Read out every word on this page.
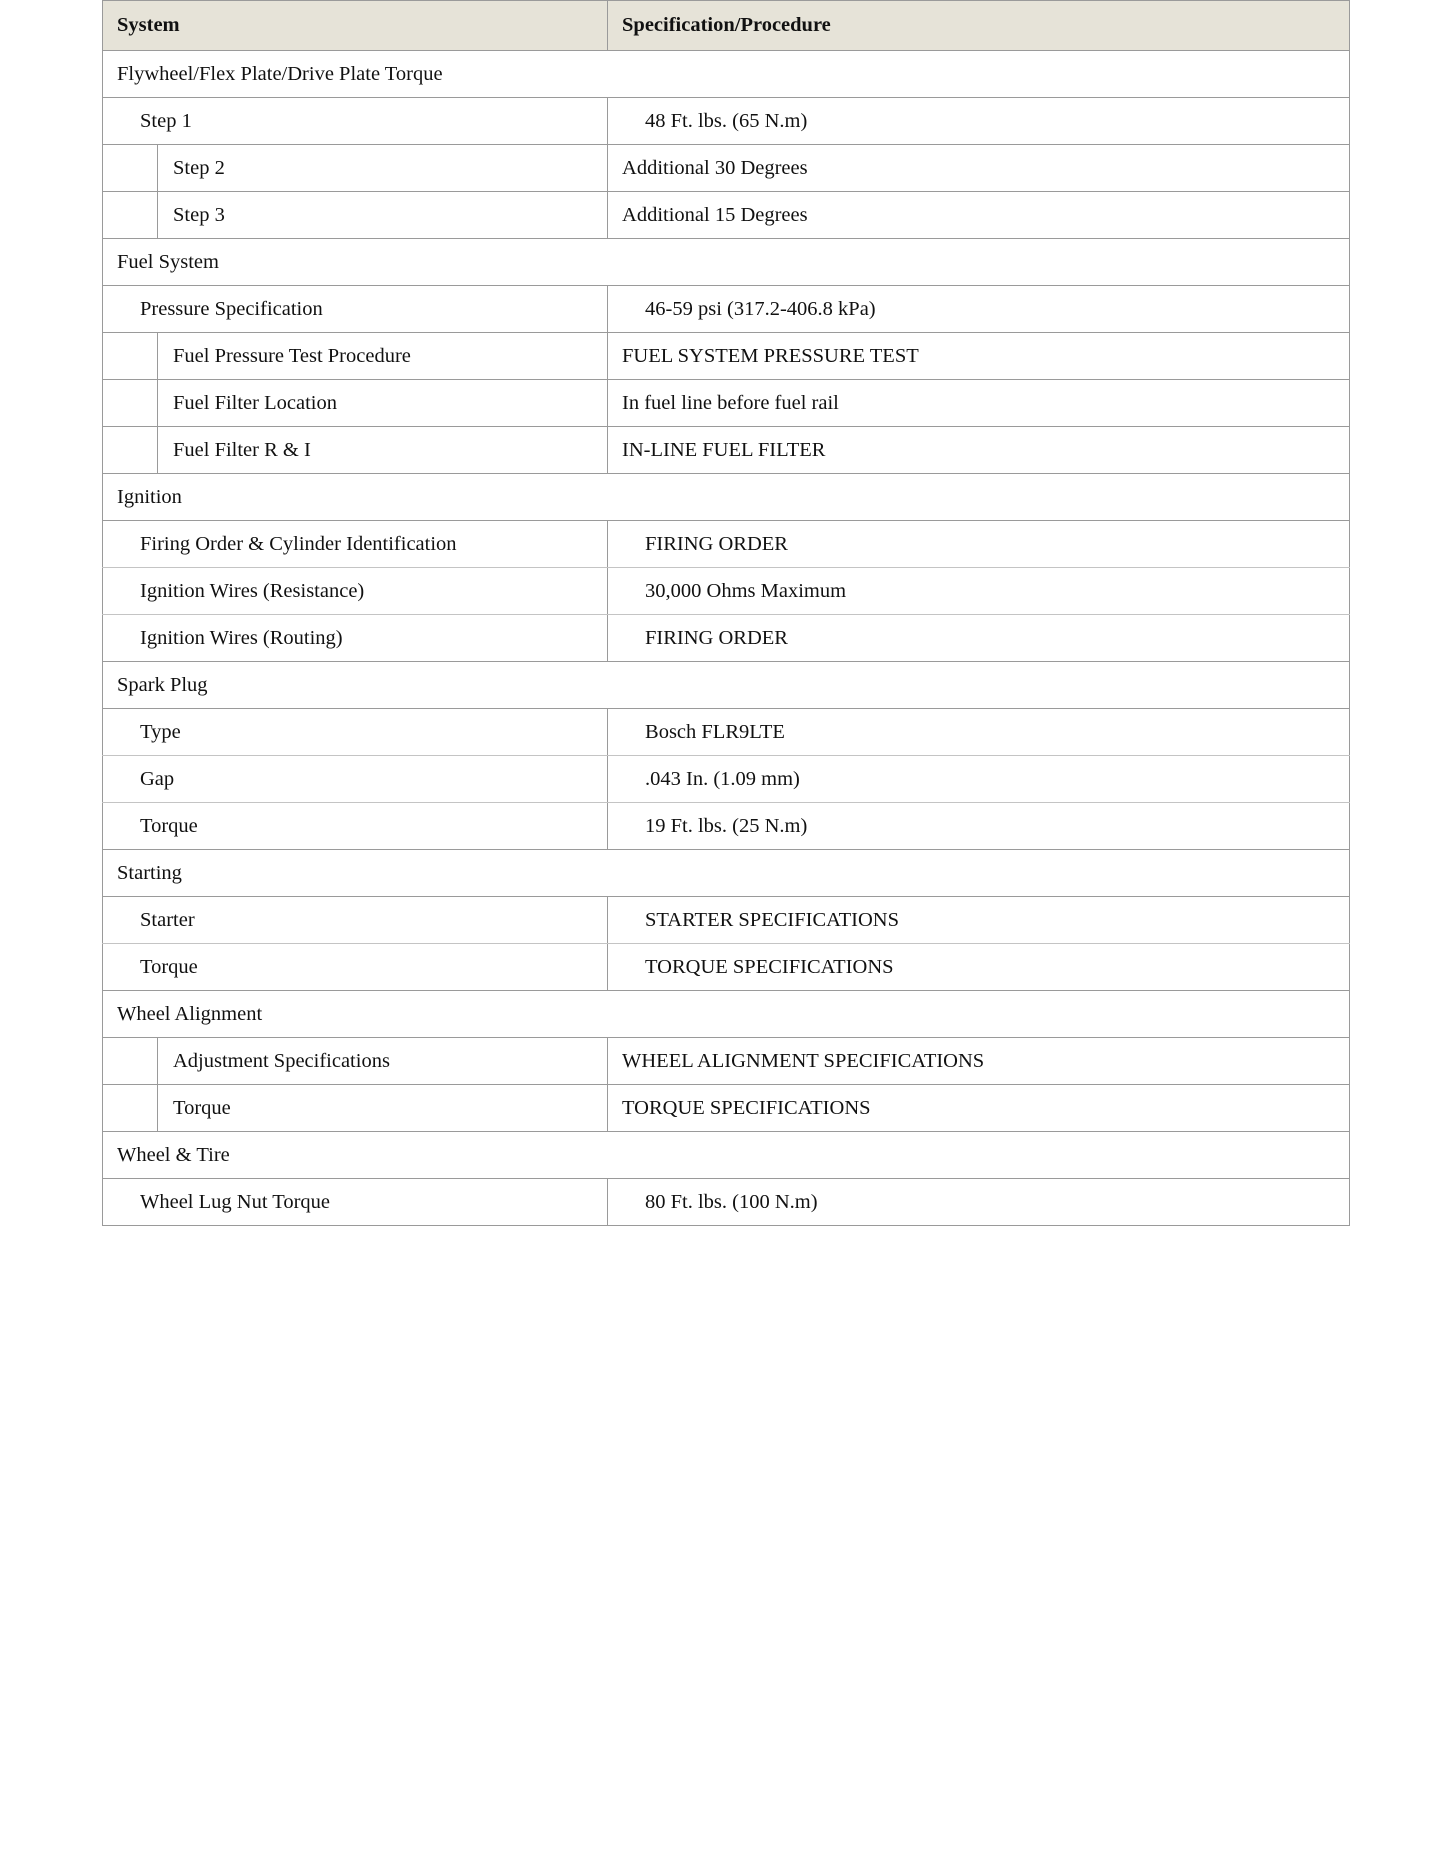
System		Specification/Procedure
Flywheel/Flex Plate/Drive Plate Torque		
Step 1		48 Ft. lbs. (65 N.m)
	Step 2	Additional 30 Degrees
	Step 3	Additional 15 Degrees
Fuel System		
Pressure Specification		46-59 psi (317.2-406.8 kPa)
	Fuel Pressure Test Procedure	FUEL SYSTEM PRESSURE TEST
	Fuel Filter Location	In fuel line before fuel rail
	Fuel Filter R & I	IN-LINE FUEL FILTER
Ignition		
Firing Order & Cylinder Identification		FIRING ORDER
Ignition Wires (Resistance)		30,000 Ohms Maximum
Ignition Wires (Routing)		FIRING ORDER
Spark Plug		
Type		Bosch FLR9LTE
Gap		.043 In. (1.09 mm)
Torque		19 Ft. lbs. (25 N.m)
Starting		
Starter		STARTER SPECIFICATIONS
Torque		TORQUE SPECIFICATIONS
Wheel Alignment		
	Adjustment Specifications	WHEEL ALIGNMENT SPECIFICATIONS
	Torque	TORQUE SPECIFICATIONS
Wheel & Tire		
Wheel Lug Nut Torque		80 Ft. lbs. (100 N.m)
